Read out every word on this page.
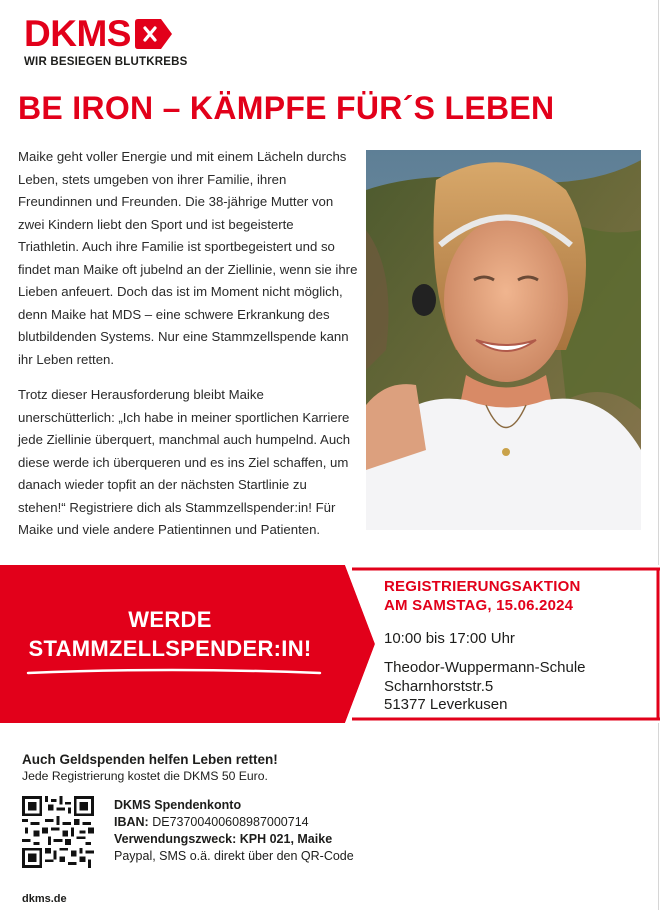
DKMS
WIR BESIEGEN BLUTKREBS
BE IRON – KÄMPFE FÜR´S LEBEN

Maike geht voller Energie und mit einem Lächeln durchs Leben, stets umgeben von ihrer Familie, ihren Freundinnen und Freunden. Die 38-jährige Mutter von zwei Kindern liebt den Sport und ist begeisterte Triathletin. Auch ihre Familie ist sportbegeistert und so findet man Maike oft jubelnd an der Ziellinie, wenn sie ihre Lieben anfeuert. Doch das ist im Moment nicht möglich, denn Maike hat MDS – eine schwere Erkrankung des blutbildenden Systems. Nur eine Stammzellspende kann ihr Leben retten.

Trotz dieser Herausforderung bleibt Maike unerschütterlich: „Ich habe in meiner sportlichen Karriere jede Ziellinie überquert, manchmal auch humpelnd. Auch diese werde ich überqueren und es ins Ziel schaffen, um danach wieder topfit an der nächsten Startlinie zu stehen!“ Registriere dich als Stammzellspender:in! Für Maike und viele andere Patientinnen und Patienten.

WERDE
STAMMZELLSPENDER:IN!
REGISTRIERUNGSAKTION
AM SAMSTAG, 15.06.2024
10:00 bis 17:00 Uhr
Theodor-Wuppermann-Schule
Scharnhorststr.5
51377 Leverkusen
Auch Geldspenden helfen Leben retten!
Jede Registrierung kostet die DKMS 50 Euro.
DKMS Spendenkonto
IBAN: DE73700400608987000714
Verwendungszweck: KPH 021, Maike
Paypal, SMS o.ä. direkt über den QR-Code
dkms.de
